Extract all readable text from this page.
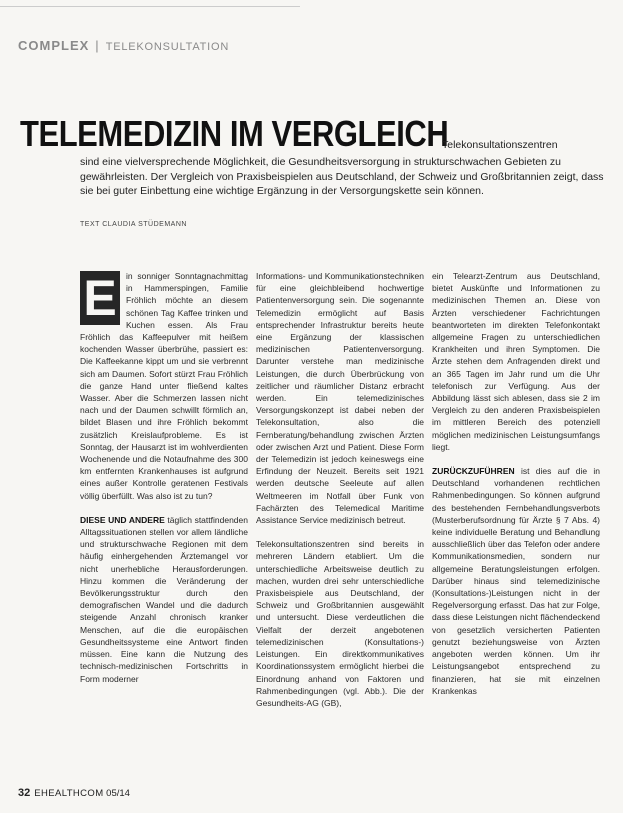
COMPLEX | TELEKONSULTATION
TELEMEDIZIN IM VERGLEICH
Telekonsultationszentren
sind eine vielversprechende Möglichkeit, die Gesundheitsversorgung in strukturschwachen Gebieten zu gewährleisten. Der Vergleich von Praxisbeispielen aus Deutschland, der Schweiz und Großbritannien zeigt, dass sie bei guter Einbettung eine wichtige Ergänzung in der Versorgungskette sein können.
TEXT CLAUDIA STÜDEMANN

E	in sonniger Sonntagnachmittag in Hammerspingen, Familie Fröhlich möchte an diesem schönen Tag Kaffee trinken und Kuchen essen. Als Frau Fröhlich das Kaffeepulver mit heißem kochenden Wasser überbrühe, passiert es: Die Kaffeekanne kippt um und sie verbrennt sich am Daumen. Sofort stürzt Frau Fröhlich die ganze Hand unter fließend kaltes Wasser. Aber die Schmerzen lassen nicht nach und der Daumen schwillt förmlich an, bildet Blasen und ihre Fröhlich bekommt zusätzlich Kreislaufprobleme. Es ist Sonntag, der Hausarzt ist im wohlverdienten Wochenende und die Notaufnahme des 300 km entfernten Krankenhauses ist aufgrund eines außer Kontrolle geratenen Festivals völlig überfüllt. Was also ist zu tun?

DIESE UND ANDERE täglich stattfindenden Alltagssituationen stellen vor allem ländliche und strukturschwache Regionen mit dem häufig einhergehenden Ärztemangel vor nicht unerhebliche Herausforderungen. Hinzu kommen die Veränderung der Bevölkerungsstruktur durch den demografischen Wandel und die dadurch steigende Anzahl chronisch kranker Menschen, auf die die europäischen Gesundheitssysteme eine Antwort finden müssen. Eine kann die Nutzung des technisch-medizinischen Fortschritts in Form moderner

Informations- und Kommunikationstechniken für eine gleichbleibend hochwertige Patientenversorgung sein. Die sogenannte Telemedizin ermöglicht auf Basis entsprechender Infrastruktur bereits heute eine Ergänzung der klassischen medizinischen Patientenversorgung. Darunter verstehe man medizinische Leistungen, die durch Überbrückung von zeitlicher und räumlicher Distanz erbracht werden. Ein telemedizinisches Versorgungskonzept ist dabei neben der Telekonsultation, also die Fernberatung/behandlung zwischen Ärzten oder zwischen Arzt und Patient. Diese Form der Telemedizin ist jedoch keineswegs eine Erfindung der Neuzeit. Bereits seit 1921 werden deutsche Seeleute auf allen Weltmeeren im Notfall über Funk von Fachärzten des Telemedical Maritime Assistance Service medizinisch betreut.

Telekonsultationszentren sind bereits in mehreren Ländern etabliert. Um die unterschiedliche Arbeitsweise deutlich zu machen, wurden drei sehr unterschiedliche Praxisbeispiele aus Deutschland, der Schweiz und Großbritannien ausgewählt und untersucht. Diese verdeutlichen die Vielfalt der derzeit angebotenen telemedizinischen (Konsultations-) Leistungen. Ein direktkommunikatives Koordinationssystem ermöglicht hierbei die Einordnung anhand von Faktoren und Rahmenbedingungen (vgl. Abb.). Die der Gesundheits-AG (GB),

ein Telearzt-Zentrum aus Deutschland, bietet Auskünfte und Informationen zu medizinischen Themen an. Diese von Ärzten verschiedener Fachrichtungen beantworteten im direkten Telefonkontakt allgemeine Fragen zu unterschiedlichen Krankheiten und ihren Symptomen. Die Ärzte stehen dem Anfragenden direkt und an 365 Tagen im Jahr rund um die Uhr telefonisch zur Verfügung. Aus der Abbildung lässt sich ablesen, dass sie 2 im Vergleich zu den anderen Praxisbeispielen im mittleren Bereich des potenziell möglichen medizinischen Leistungsumfangs liegt.

ZURÜCKZUFÜHREN ist dies auf die in Deutschland vorhandenen rechtlichen Rahmenbedingungen. So können aufgrund des bestehenden Fernbehandlungsverbots (Musterberufsordnung für Ärzte § 7 Abs. 4) keine individuelle Beratung und Behandlung ausschließlich über das Telefon oder andere Kommunikationsmedien, sondern nur allgemeine Beratungsleistungen erfolgen. Darüber hinaus sind telemedizinische (Konsultations-)Leistungen nicht in der Regelversorgung erfasst. Das hat zur Folge, dass diese Leistungen nicht flächendeckend von gesetzlich versicherten Patienten genutzt beziehungsweise von Ärzten angeboten werden können. Um ihr Leistungsangebot entsprechend zu finanzieren, hat sie mit einzelnen Krankenkas

32 EHEALTHCOM 05/14
